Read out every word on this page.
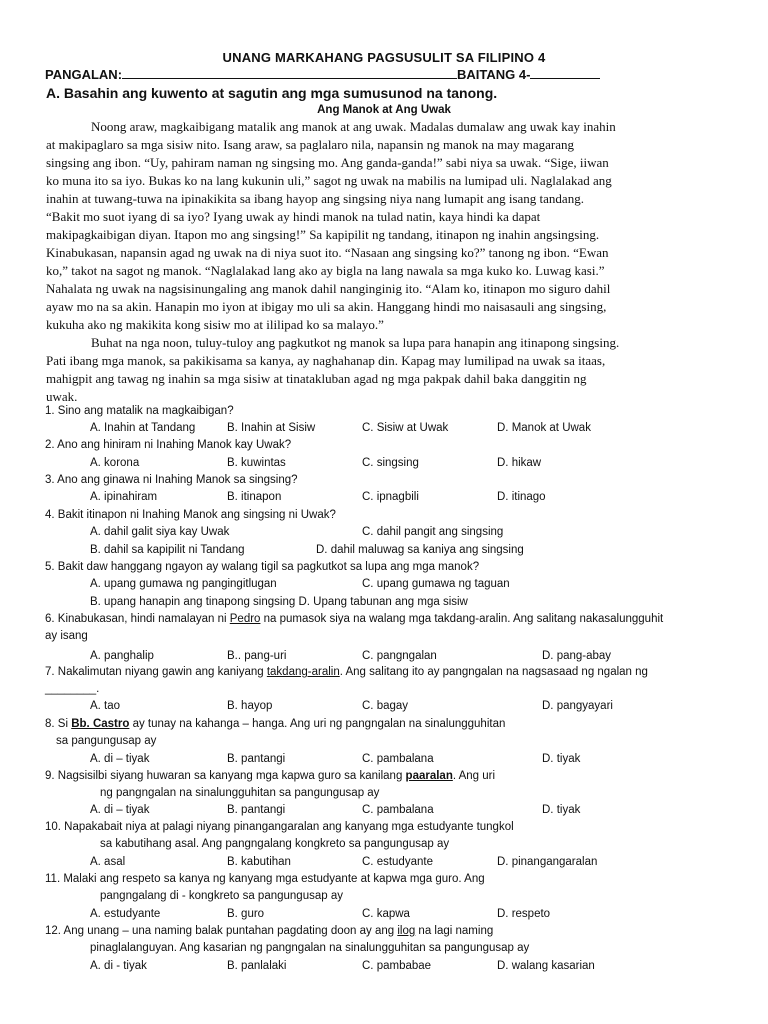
UNANG MARKAHANG PAGSUSULIT SA FILIPINO 4
PANGALAN:	BAITANG 4-
A. Basahin ang kuwento at sagutin ang mga sumusunod na tanong.
Ang Manok at Ang Uwak
Noong araw, magkaibigang matalik ang manok at ang uwak. Madalas dumalaw ang uwak kay inahin
at makipaglaro sa mga sisiw nito. Isang araw, sa paglalaro nila, napansin ng manok na may magarang
singsing ang ibon. “Uy, pahiram naman ng singsing mo. Ang ganda-ganda!” sabi niya sa uwak. “Sige, iiwan
ko muna ito sa iyo. Bukas ko na lang kukunin uli,” sagot ng uwak na mabilis na lumipad uli. Naglalakad ang
inahin at tuwang-tuwa na ipinakikita sa ibang hayop ang singsing niya nang lumapit ang isang tandang.
“Bakit mo suot iyang di sa iyo? Iyang uwak ay hindi manok na tulad natin, kaya hindi ka dapat
makipagkaibigan diyan. Itapon mo ang singsing!” Sa kapipilit ng tandang, itinapon ng inahin angsingsing.
Kinabukasan, napansin agad ng uwak na di niya suot ito. “Nasaan ang singsing ko?” tanong ng ibon. “Ewan
ko,” takot na sagot ng manok. “Naglalakad lang ako ay bigla na lang nawala sa mga kuko ko. Luwag kasi.”
Nahalata ng uwak na nagsisinungaling ang manok dahil nanginginig ito. “Alam ko, itinapon mo siguro dahil
ayaw mo na sa akin. Hanapin mo iyon at ibigay mo uli sa akin. Hanggang hindi mo naisasauli ang singsing,
kukuha ako ng makikita kong sisiw mo at ililipad ko sa malayo.”
Buhat na nga noon, tuluy-tuloy ang pagkutkot ng manok sa lupa para hanapin ang itinapong singsing.
Pati ibang mga manok, sa pakikisama sa kanya, ay naghahanap din. Kapag may lumilipad na uwak sa itaas,
mahigpit ang tawag ng inahin sa mga sisiw at tinatakluban agad ng mga pakpak dahil baka danggitin ng
uwak.
1. Sino ang matalik na magkaibigan?
A. Inahin at Tandang	B. Inahin at Sisiw	C. Sisiw at Uwak	D. Manok at Uwak
2. Ano ang hiniram ni Inahing Manok kay Uwak?
A. korona	B. kuwintas	C. singsing	D. hikaw
3. Ano ang ginawa ni Inahing Manok sa singsing?
A. ipinahiram	B. itinapon	C. ipnagbili	D. itinago
4. Bakit itinapon ni Inahing Manok ang singsing ni Uwak?
A. dahil galit siya kay Uwak	C. dahil pangit ang singsing
B. dahil sa kapipilit ni Tandang	D. dahil maluwag sa kaniya ang singsing
5. Bakit daw hanggang ngayon ay walang tigil sa pagkutkot sa lupa ang mga manok?
A. upang gumawa ng pangingitlugan	C. upang gumawa ng taguan
B. upang hanapin ang tinapong singsing D. Upang tabunan ang mga sisiw
6. Kinabukasan, hindi namalayan ni Pedro na pumasok siya na walang mga takdang-aralin. Ang salitang nakasalungguhit
ay isang
A. panghalip	B.. pang-uri	C. pangngalan	D. pang-abay
7. Nakalimutan niyang gawin ang kaniyang takdang-aralin. Ang salitang ito ay pangngalan na nagsasaad ng ngalan ng
________.
A. tao	B. hayop	C. bagay	D. pangyayari
8. Si Bb. Castro ay tunay na kahanga – hanga. Ang uri ng pangngalan na sinalungguhitan
sa pangungusap ay
A. di – tiyak	B. pantangi	C. pambalana	D. tiyak
9. Nagsisilbi siyang huwaran sa kanyang mga kapwa guro sa kanilang paaralan. Ang uri
ng pangngalan na sinalungguhitan sa pangungusap ay
A. di – tiyak	B. pantangi	C. pambalana	D. tiyak
10. Napakabait niya at palagi niyang pinangangaralan ang kanyang mga estudyante tungkol
sa kabutihang asal. Ang pangngalang kongkreto sa pangungusap ay
A. asal	B. kabutihan	C. estudyante	D. pinangangaralan
11. Malaki ang respeto sa kanya ng kanyang mga estudyante at kapwa mga guro. Ang
pangngalang di - kongkreto sa pangungusap ay
A. estudyante	B. guro	C. kapwa	D. respeto
12. Ang unang – una naming balak puntahan pagdating doon ay ang ilog na lagi naming
pinaglalanguyan. Ang kasarian ng pangngalan na sinalungguhitan sa pangungusap ay
A. di - tiyak	B. panlalaki	C. pambabae	D. walang kasarian
